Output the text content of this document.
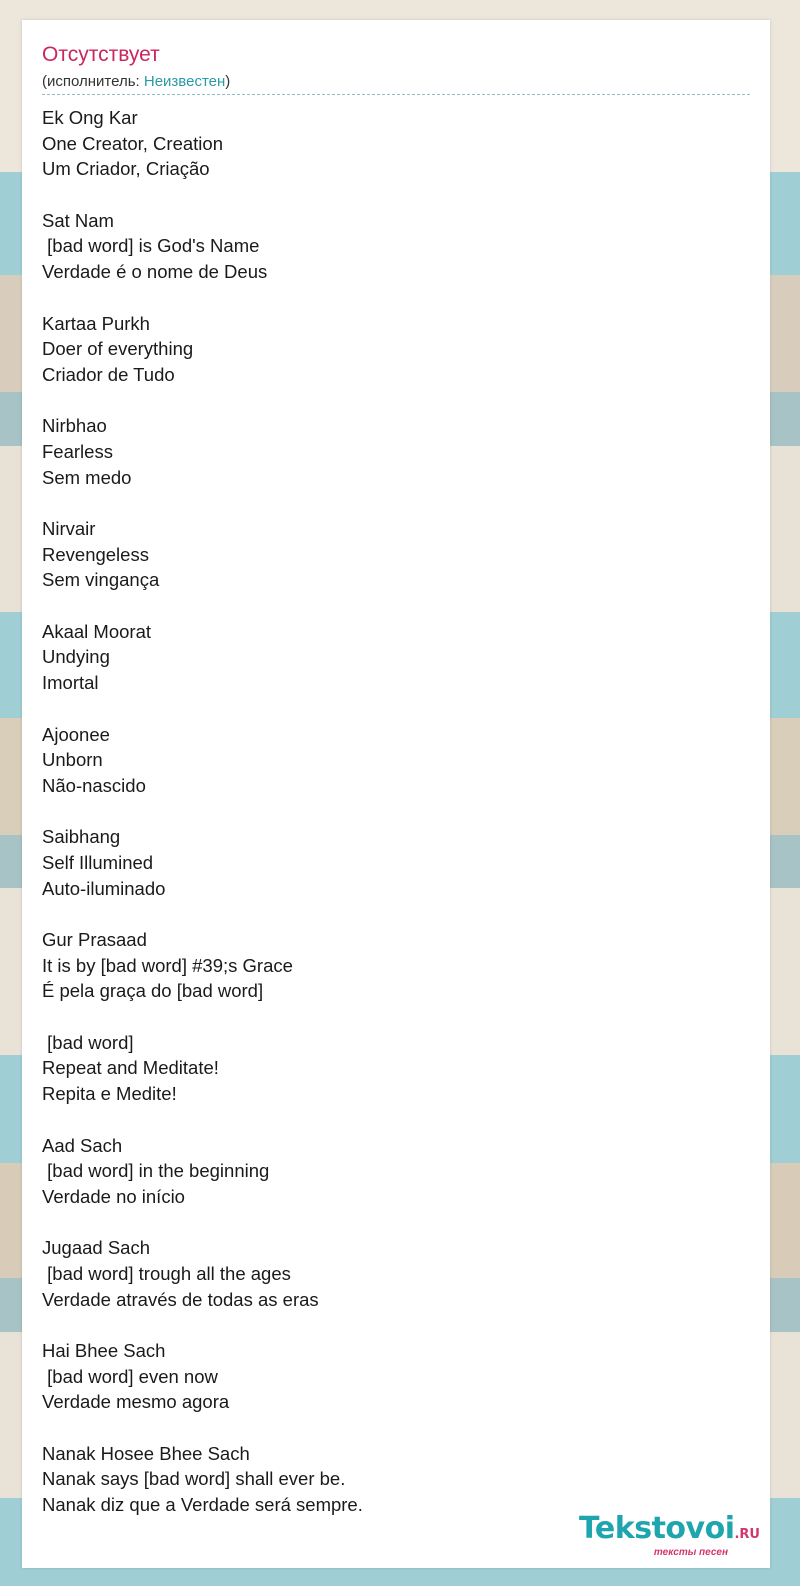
Отсутствует
(исполнитель: Неизвестен)
Ek Ong Kar
One Creator, Creation
Um Criador, Criação
Sat Nam
[bad word] is God's Name
Verdade é o nome de Deus
Kartaa Purkh
Doer of everything
Criador de Tudo
Nirbhao
Fearless
Sem medo
Nirvair
Revengeless
Sem vingança
Akaal Moorat
Undying
Imortal
Ajoonee
Unborn
Não-nascido
Saibhang
Self Illumined
Auto-iluminado
Gur Prasaad
It is by [bad word] #39;s Grace
É pela graça do [bad word]
[bad word]
Repeat and Meditate!
Repita e Medite!
Aad Sach
[bad word] in the beginning
Verdade no início
Jugaad Sach
[bad word] trough all the ages
Verdade através de todas as eras
Hai Bhee Sach
[bad word] even now
Verdade mesmo agora
Nanak Hosee Bhee Sach
Nanak says [bad word] shall ever be.
Nanak diz que a Verdade será sempre.
Tekstovoi.RU
тексты песен
